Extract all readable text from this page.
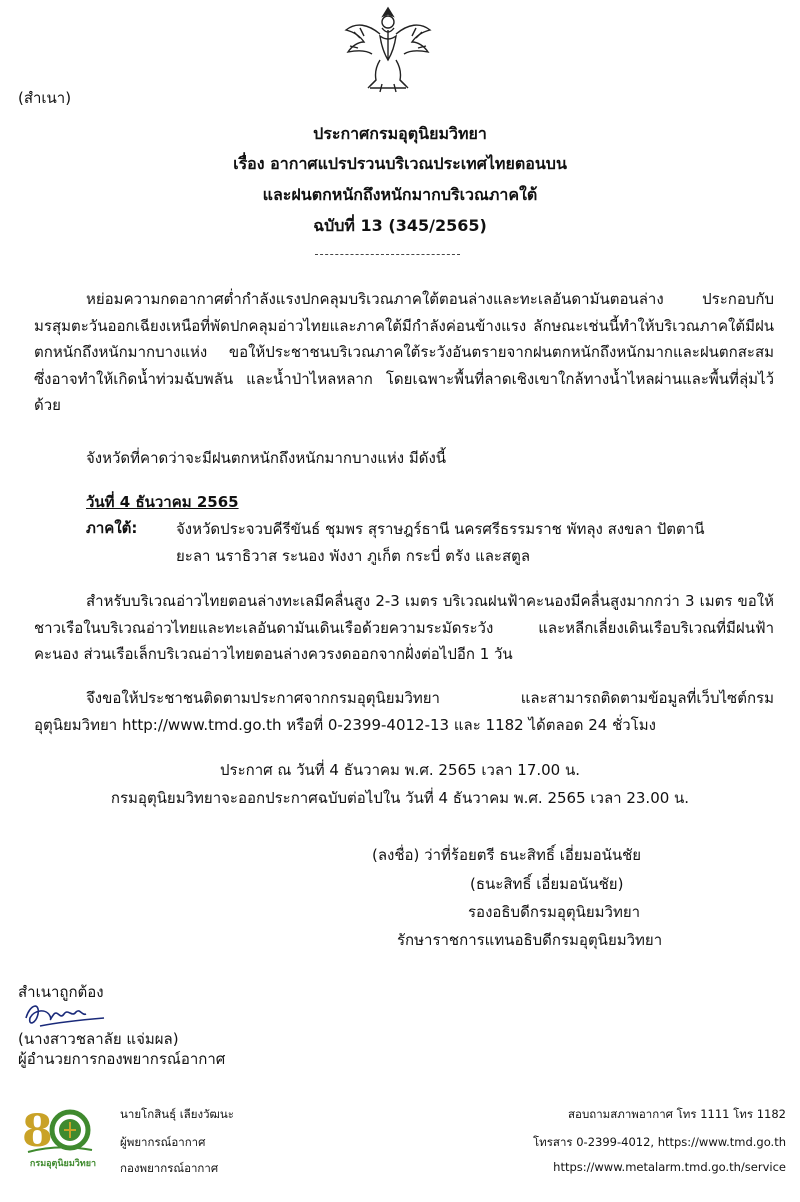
(สำเนา)
ประกาศกรมอุตุนิยมวิทยา
เรื่อง อากาศแปรปรวนบริเวณประเทศไทยตอนบน
และฝนตกหนักถึงหนักมากบริเวณภาคใต้
ฉบับที่ 13 (345/2565)
หย่อมความกดอากาศต่ำกำลังแรงปกคลุมบริเวณภาคใต้ตอนล่างและทะเลอันดามันตอนล่าง ประกอบกับมรสุมตะวันออกเฉียงเหนือที่พัดปกคลุมอ่าวไทยและภาคใต้มีกำลังค่อนข้างแรง ลักษณะเช่นนี้ทำให้บริเวณภาคใต้มีฝนตกหนักถึงหนักมากบางแห่ง ขอให้ประชาชนบริเวณภาคใต้ระวังอันตรายจากฝนตกหนักถึงหนักมากและฝนตกสะสมซึ่งอาจทำให้เกิดน้ำท่วมฉับพลัน และน้ำป่าไหลหลาก โดยเฉพาะพื้นที่ลาดเชิงเขาใกล้ทางน้ำไหลผ่านและพื้นที่ลุ่มไว้ด้วย
จังหวัดที่คาดว่าจะมีฝนตกหนักถึงหนักมากบางแห่ง มีดังนี้
วันที่ 4 ธันวาคม 2565
ภาคใต้:	จังหวัดประจวบคีรีขันธ์ ชุมพร สุราษฎร์ธานี นครศรีธรรมราช พัทลุง สงขลา ปัตตานี
ยะลา นราธิวาส ระนอง พังงา ภูเก็ต กระบี่ ตรัง และสตูล
สำหรับบริเวณอ่าวไทยตอนล่างทะเลมีคลื่นสูง 2-3 เมตร บริเวณฝนฟ้าคะนองมีคลื่นสูงมากกว่า 3 เมตร ขอให้ชาวเรือในบริเวณอ่าวไทยและทะเลอันดามันเดินเรือด้วยความระมัดระวัง และหลีกเลี่ยงเดินเรือบริเวณที่มีฝนฟ้าคะนอง ส่วนเรือเล็กบริเวณอ่าวไทยตอนล่างควรงดออกจากฝั่งต่อไปอีก 1 วัน
จึงขอให้ประชาชนติดตามประกาศจากกรมอุตุนิยมวิทยา และสามารถติดตามข้อมูลที่เว็บไซต์กรมอุตุนิยมวิทยา http://www.tmd.go.th หรือที่ 0-2399-4012-13 และ 1182 ได้ตลอด 24 ชั่วโมง
ประกาศ ณ วันที่ 4 ธันวาคม พ.ศ. 2565 เวลา 17.00 น.
กรมอุตุนิยมวิทยาจะออกประกาศฉบับต่อไปใน วันที่ 4 ธันวาคม พ.ศ. 2565 เวลา 23.00 น.
(ลงชื่อ) ว่าที่ร้อยตรี ธนะสิทธิ์ เอี่ยมอนันชัย
(ธนะสิทธิ์ เอี่ยมอนันชัย)
รองอธิบดีกรมอุตุนิยมวิทยา
รักษาราชการแทนอธิบดีกรมอุตุนิยมวิทยา
สำเนาถูกต้อง
(นางสาวชลาลัย แจ่มผล)
ผู้อำนวยการกองพยากรณ์อากาศ
8
กรมอุตุนิยมวิทยา
นายโกสินธุ์ เลียงวัฒนะ
ผู้พยากรณ์อากาศ
กองพยากรณ์อากาศ
สอบถามสภาพอากาศ โทร 1111 โทร 1182
โทรสาร 0-2399-4012, https://www.tmd.go.th
https://www.metalarm.tmd.go.th/service
